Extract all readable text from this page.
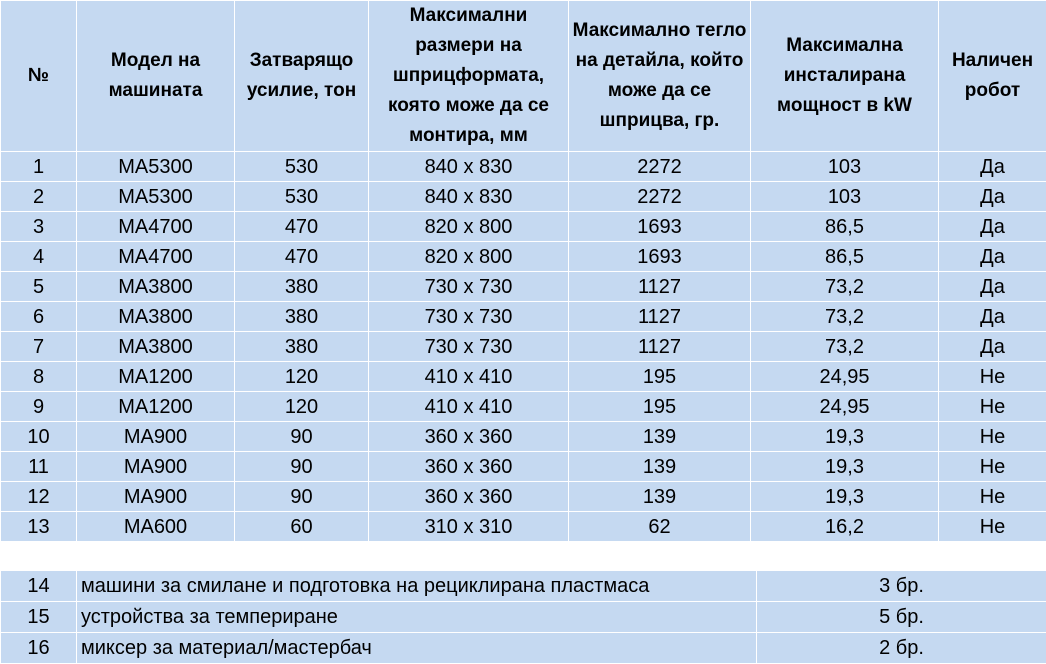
№	Модел на машината	Затварящо усилие, тон	Максимални размери на шприцформата, която може да се монтира, мм	Максимално тегло на детайла, който може да се шприцва, гр.	Максимална инсталирана мощност в kW	Наличен робот
1	MA5300	530	840 x 830	2272	103	Да
2	MA5300	530	840 x 830	2272	103	Да
3	MA4700	470	820 x 800	1693	86,5	Да
4	MA4700	470	820 x 800	1693	86,5	Да
5	MA3800	380	730 x 730	1127	73,2	Да
6	MA3800	380	730 x 730	1127	73,2	Да
7	MA3800	380	730 x 730	1127	73,2	Да
8	MA1200	120	410 x 410	195	24,95	Не
9	MA1200	120	410 x 410	195	24,95	Не
10	MA900	90	360 x 360	139	19,3	Не
11	MA900	90	360 x 360	139	19,3	Не
12	MA900	90	360 x 360	139	19,3	Не
13	MA600	60	310 x 310	62	16,2	Не
14	машини за смилане и подготовка на рециклирана пластмаса	3 бр.
15	устройства за темпериране	5 бр.
16	миксер за материал/мастербач	2 бр.
